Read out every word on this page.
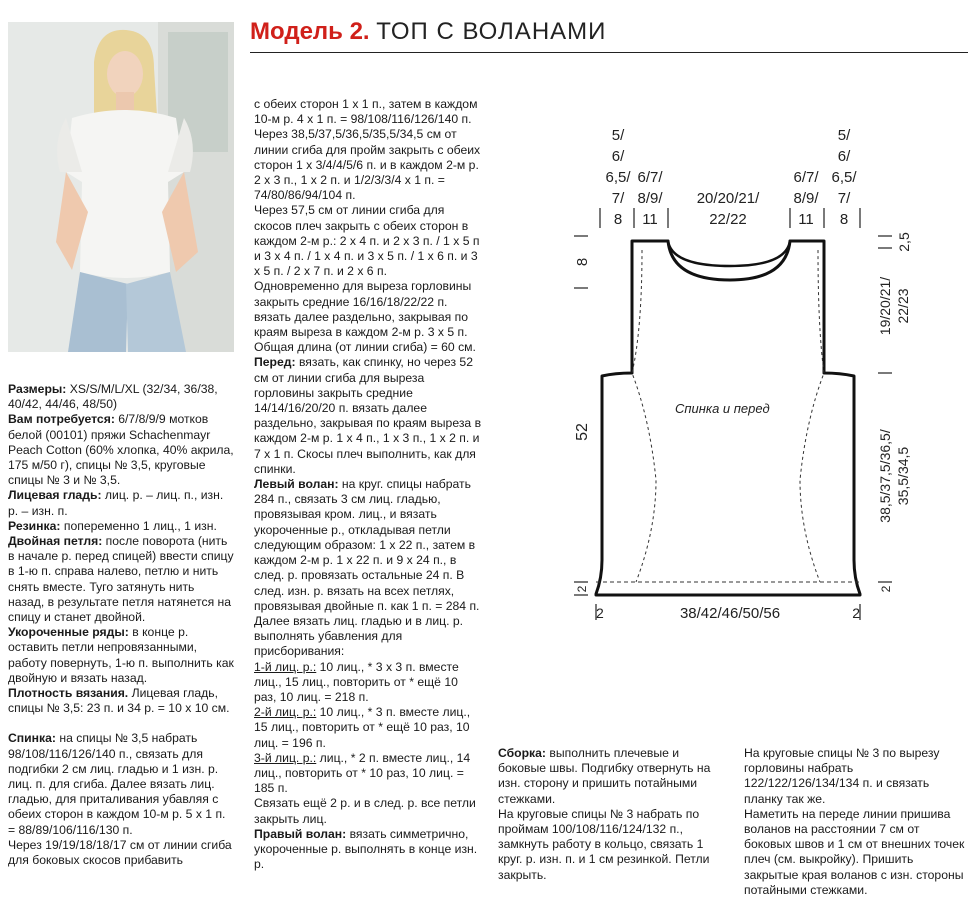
Модель 2. ТОП С ВОЛАНАМИ

Размеры: XS/S/M/L/XL (32/34, 36/38, 40/42, 44/46, 48/50)

Вам потребуется: 6/7/8/9/9 мотков белой (00101) пряжи Schachenmayr Peach Cotton (60% хлопка, 40% акрила, 175 м/50 г), спицы № 3,5, круговые спицы № 3 и № 3,5.

Лицевая гладь: лиц. р. – лиц. п., изн. р. – изн. п.

Резинка: попеременно 1 лиц., 1 изн.

Двойная петля: после поворота (нить в начале р. перед спицей) ввести спицу в 1-ю п. справа налево, петлю и нить снять вместе. Туго затянуть нить назад, в результате петля натянется на спицу и станет двойной.

Укороченные ряды: в конце р. оставить петли непровязанными, работу повернуть, 1-ю п. выполнить как двойную и вязать назад.

Плотность вязания. Лицевая гладь, спицы № 3,5: 23 п. и 34 р. = 10 х 10 см.

Спинка: на спицы № 3,5 набрать 98/108/116/126/140 п., связать для подгибки 2 см лиц. гладью и 1 изн. р. лиц. п. для сгиба. Далее вязать лиц. гладью, для приталивания убавляя с обеих сторон в каждом 10-м р. 5 х 1 п. = 88/89/106/116/130 п.

Через 19/19/18/18/17 см от линии сгиба для боковых скосов прибавить

с обеих сторон 1 х 1 п., затем в каждом 10-м р. 4 х 1 п. = 98/108/116/126/140 п.

Через 38,5/37,5/36,5/35,5/34,5 см от линии сгиба для пройм закрыть с обеих сторон 1 х 3/4/4/5/6 п. и в каждом 2-м р. 2 х 3 п., 1 х 2 п. и 1/2/3/3/4 х 1 п. = 74/80/86/94/104 п.

Через 57,5 см от линии сгиба для скосов плеч закрыть с обеих сторон в каждом 2-м р.: 2 х 4 п. и 2 х 3 п. / 1 х 5 п и 3 х 4 п. / 1 х 4 п. и 3 х 5 п. / 1 х 6 п. и 3 х 5 п. / 2 х 7 п. и 2 х 6 п.

Одновременно для выреза горловины закрыть средние 16/16/18/22/22 п. вязать далее раздельно, закрывая по краям выреза в каждом 2-м р. 3 х 5 п. Общая длина (от линии сгиба) = 60 см.

Перед: вязать, как спинку, но через 52 см от линии сгиба для выреза горловины закрыть средние 14/14/16/20/20 п. вязать далее раздельно, закрывая по краям выреза в каждом 2-м р. 1 х 4 п., 1 х 3 п., 1 х 2 п. и 7 х 1 п. Скосы плеч выполнить, как для спинки.

Левый волан: на круг. спицы набрать 284 п., связать 3 см лиц. гладью, провязывая кром. лиц., и вязать укороченные р., откладывая петли следующим образом: 1 х 22 п., затем в каждом 2-м р. 1 х 22 п. и 9 х 24 п., в след. р. провязать остальные 24 п. В след. изн. р. вязать на всех петлях, провязывая двойные п. как 1 п. = 284 п.

Далее вязать лиц. гладью и в лиц. р. выполнять убавления для присборивания:

1-й лиц. р.: 10 лиц., * 3 х 3 п. вместе лиц., 15 лиц., повторить от * ещё 10 раз, 10 лиц. = 218 п.

2-й лиц. р.: 10 лиц., * 3 п. вместе лиц., 15 лиц., повторить от * ещё 10 раз, 10 лиц. = 196 п.

3-й лиц. р.: лиц., * 2 п. вместе лиц., 14 лиц., повторить от * 10 раз, 10 лиц. = 185 п.

Связать ещё 2 р. и в след. р. все петли закрыть лиц.

Правый волан: вязать симметрично, укороченные р. выполнять в конце изн. р.

Сборка: выполнить плечевые и боковые швы. Подгибку отвернуть на изн. сторону и пришить потайными стежками.

На круговые спицы № 3 набрать по проймам 100/108/116/124/132 п., замкнуть работу в кольцо, связать 1 круг. р. изн. п. и 1 см резинкой. Петли закрыть.

На круговые спицы № 3 по вырезу горловины набрать 122/122/126/134/134 п. и связать планку так же.

Наметить на переде линии пришива воланов на расстоянии 7 см от боковых швов и 1 см от внешних точек плеч (см. выкройку). Пришить закрытые края воланов с изн. стороны потайными стежками.

Спинка и перед
5/
6/
6,5/
7/
8
6/7/
8/9/
11
20/20/21/
22/22
6/7/
8/9/
11
5/
6/
6,5/
7/
8
38/42/46/50/56
8
52
2
2	2
2,5
19/20/21/ 22/23
38,5/37,5/36,5/ 35,5/34,5
2
